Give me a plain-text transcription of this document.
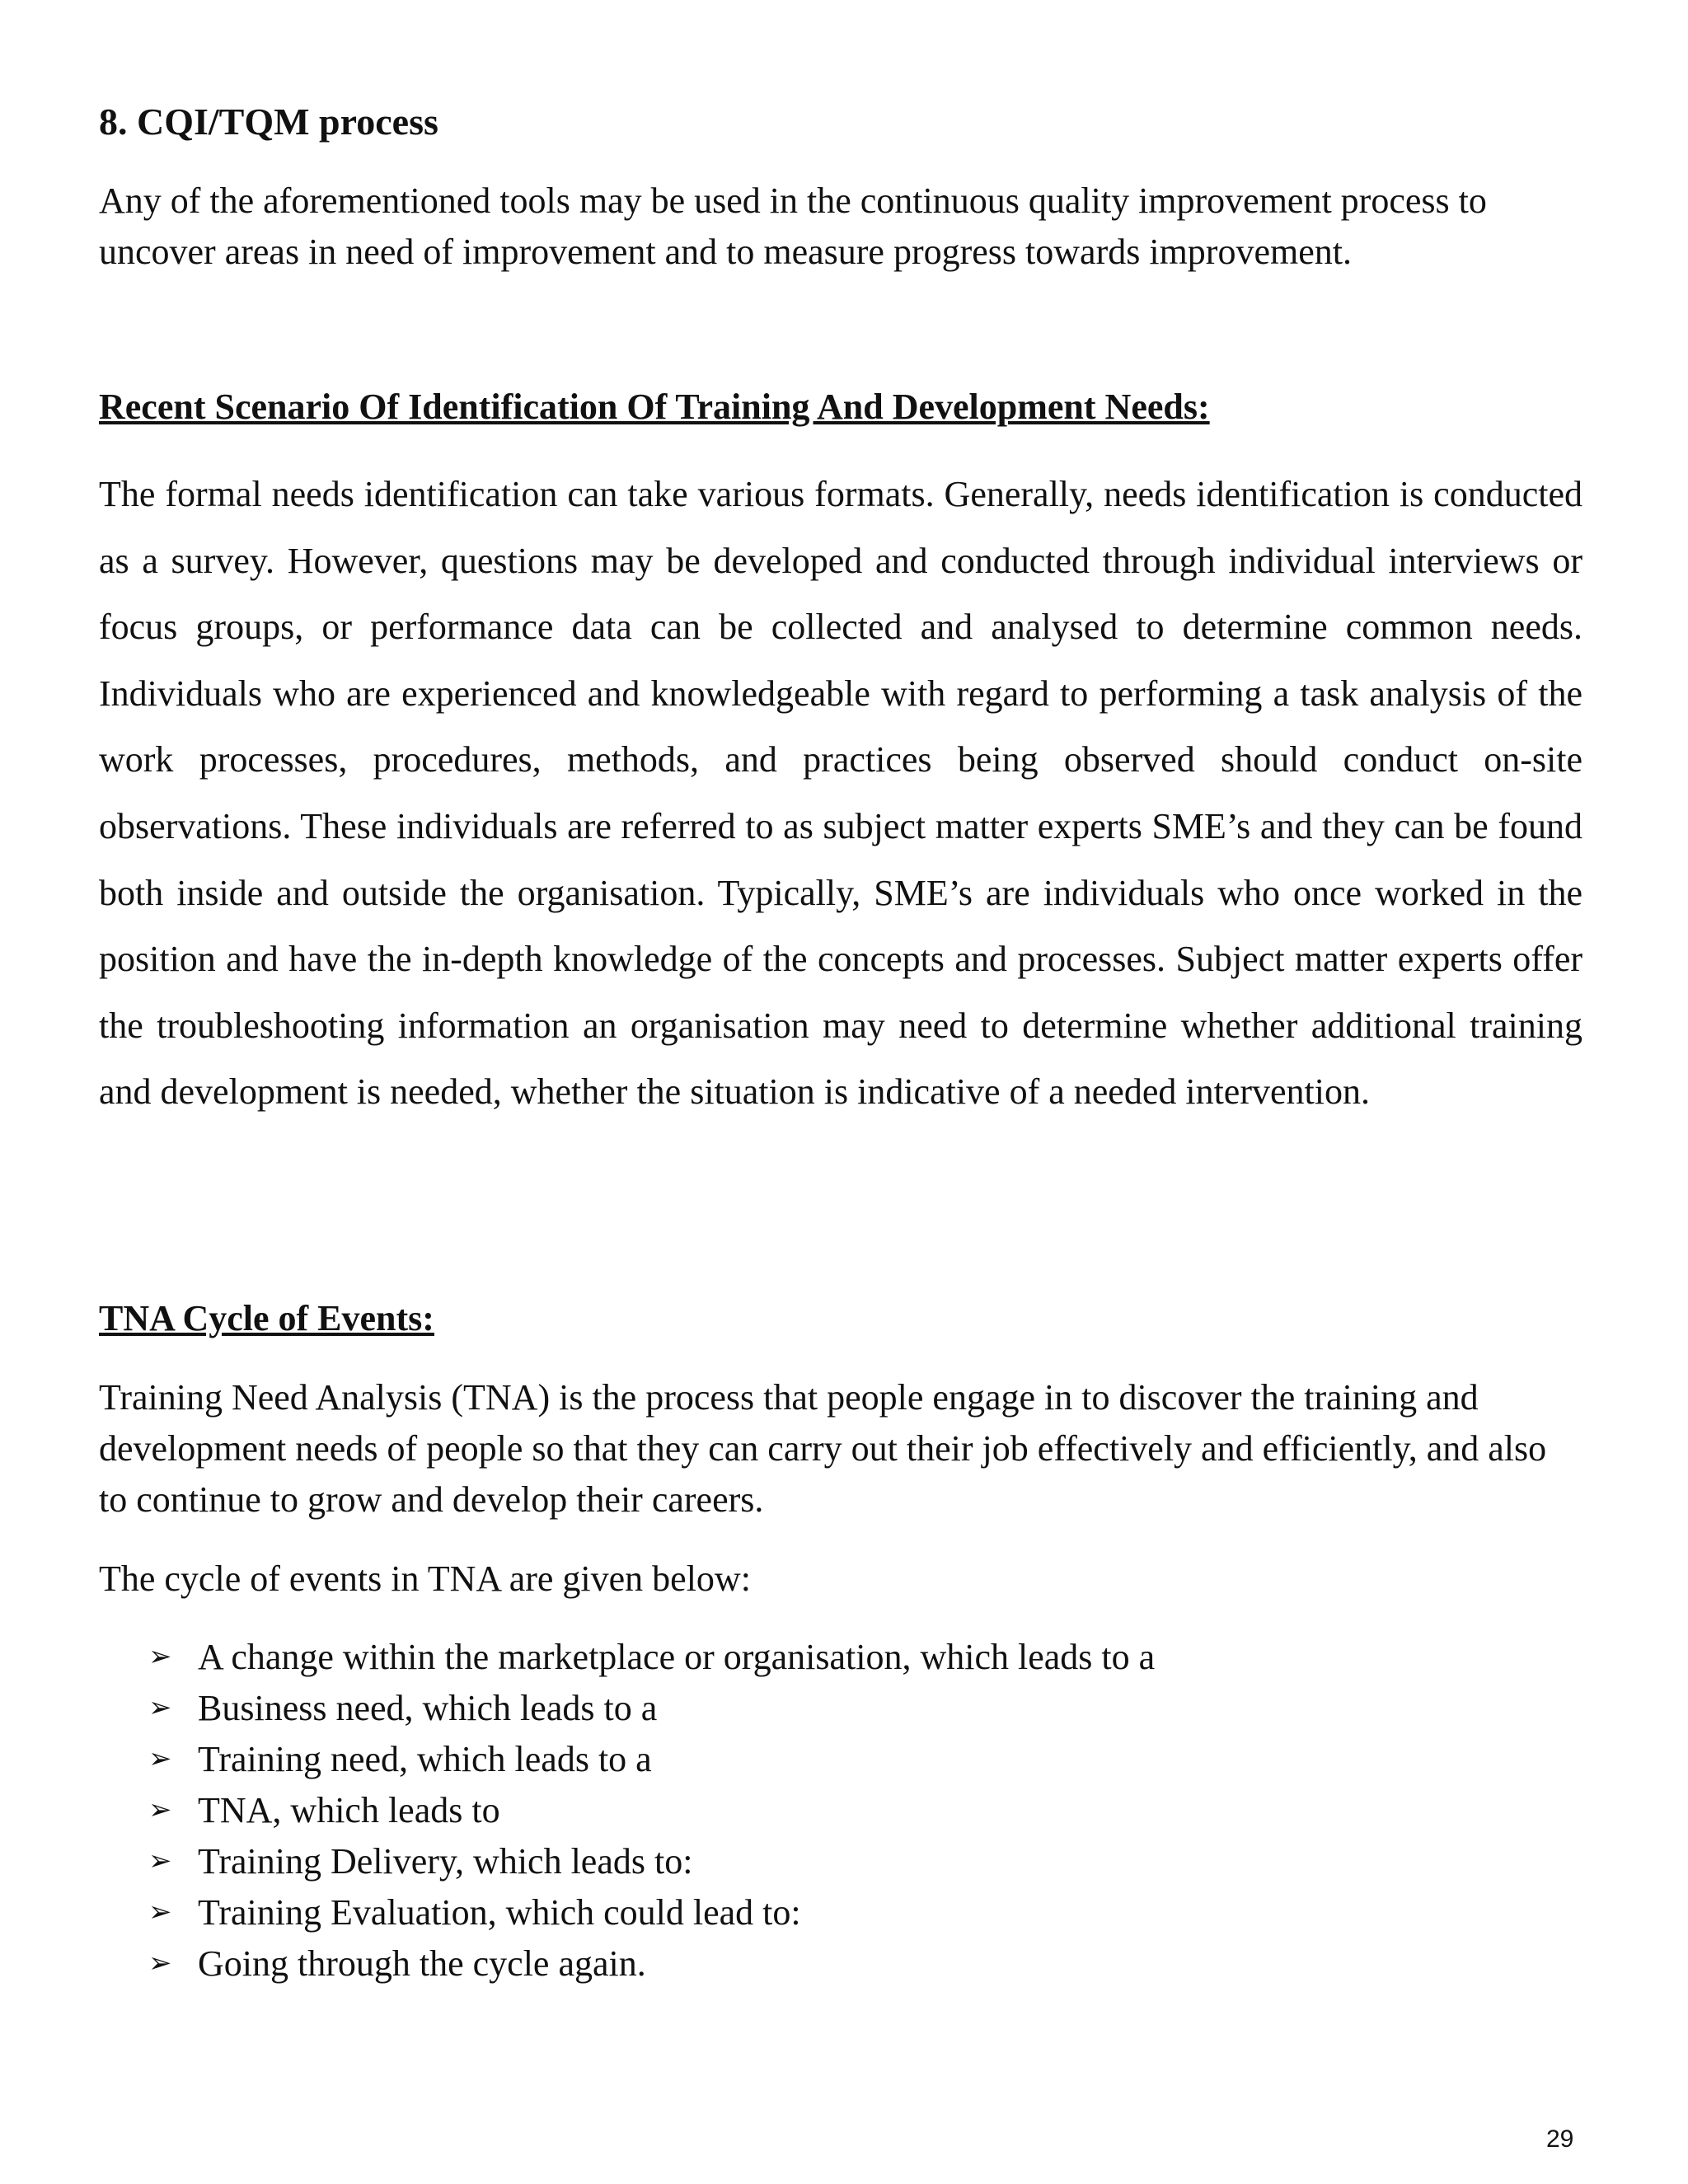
8. CQI/TQM process

Any of the aforementioned tools may be used in the continuous quality improvement process to uncover areas in need of improvement and to measure progress towards improvement.

Recent Scenario Of Identification Of Training And Development Needs:

The formal needs identification can take various formats. Generally, needs identification is conducted as a survey. However, questions may be developed and conducted through individual interviews or focus groups, or performance data can be collected and analysed to determine common needs. Individuals who are experienced and knowledgeable with regard to performing a task analysis of the work processes, procedures, methods, and practices being observed should conduct on-site observations. These individuals are referred to as subject matter experts SME’s and they can be found both inside and outside the organisation. Typically, SME’s are individuals who once worked in the position and have the in-depth knowledge of the concepts and processes. Subject matter experts offer the troubleshooting information an organisation may need to determine whether additional training and development is needed, whether the situation is indicative of a needed intervention.

TNA Cycle of Events:

Training Need Analysis (TNA) is the process that people engage in to discover the training and development needs of people so that they can carry out their job effectively and efficiently, and also to continue to grow and develop their careers.

The cycle of events in TNA are given below:

➢ A change within the marketplace or organisation, which leads to a
➢ Business need, which leads to a
➢ Training need, which leads to a
➢ TNA, which leads to
➢ Training Delivery, which leads to:
➢ Training Evaluation, which could lead to:
➢ Going through the cycle again.

29
